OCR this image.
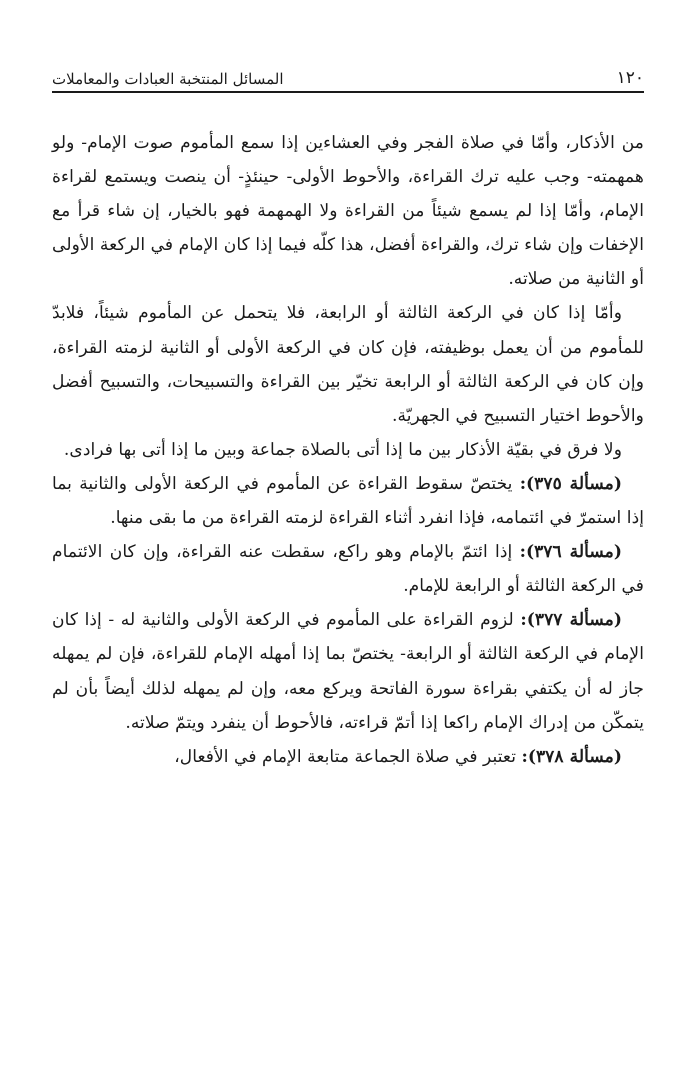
١٢٠
المسائل المنتخبة العبادات والمعاملات

من الأذكار، وأمّا في صلاة الفجر وفي العشاءين إذا سمع المأموم صوت الإمام- ولو همهمته- وجب عليه ترك القراءة، والأحوط الأولى- حينئذٍ- أن ينصت ويستمع لقراءة الإمام، وأمّا إذا لم يسمع شيئاً من القراءة ولا الهمهمة فهو بالخيار، إن شاء قرأ مع الإخفات وإن شاء ترك، والقراءة أفضل، هذا كلّه فيما إذا كان الإمام في الركعة الأولى أو الثانية من صلاته.

وأمّا إذا كان في الركعة الثالثة أو الرابعة، فلا يتحمل عن المأموم شيئاً، فلابدّ للمأموم من أن يعمل بوظيفته، فإن كان في الركعة الأولى أو الثانية لزمته القراءة، وإن كان في الركعة الثالثة أو الرابعة تخيّر بين القراءة والتسبيحات، والتسبيح أفضل والأحوط اختيار التسبيح في الجهريّة.

ولا فرق في بقيّة الأذكار بين ما إذا أتى بالصلاة جماعة وبين ما إذا أتى بها فرادى.

(مسألة ٣٧٥): يختصّ سقوط القراءة عن المأموم في الركعة الأولى والثانية بما إذا استمرّ في ائتمامه، فإذا انفرد أثناء القراءة لزمته القراءة من ما بقى منها.

(مسألة ٣٧٦): إذا ائتمّ بالإمام وهو راكع، سقطت عنه القراءة، وإن كان الائتمام في الركعة الثالثة أو الرابعة للإمام.

(مسألة ٣٧٧): لزوم القراءة على المأموم في الركعة الأولى والثانية له - إذا كان الإمام في الركعة الثالثة أو الرابعة- يختصّ بما إذا أمهله الإمام للقراءة، فإن لم يمهله جاز له أن يكتفي بقراءة سورة الفاتحة ويركع معه، وإن لم يمهله لذلك أيضاً بأن لم يتمكّن من إدراك الإمام راكعا إذا أتمّ قراءته، فالأحوط أن ينفرد ويتمّ صلاته.

(مسألة ٣٧٨): تعتبر في صلاة الجماعة متابعة الإمام في الأفعال،
